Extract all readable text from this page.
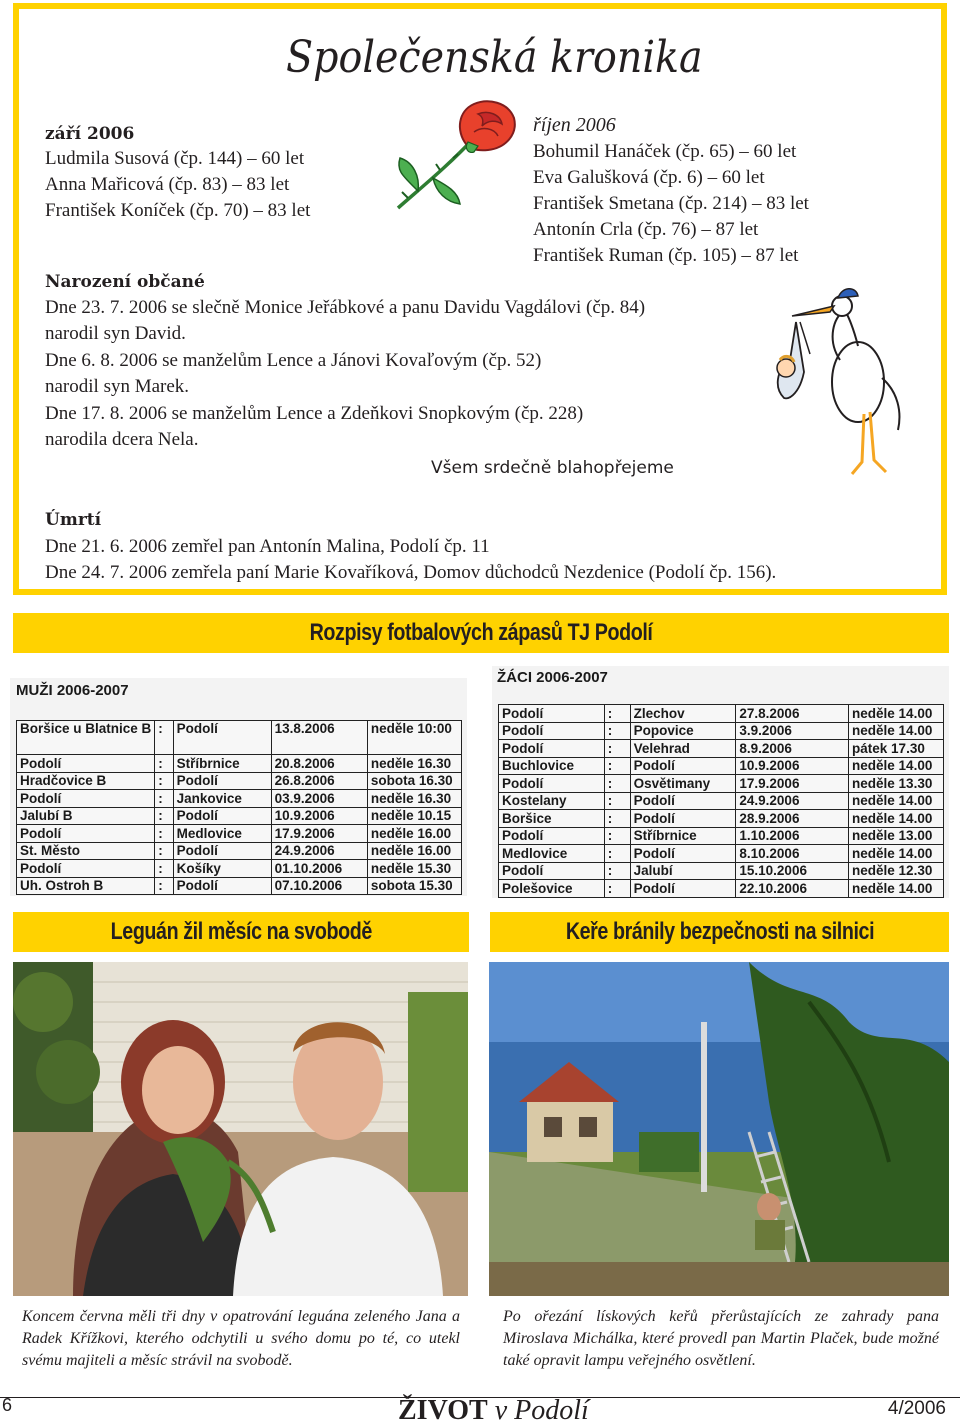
Společenská kronika
září 2006
Ludmila Susová (čp. 144) – 60 let
Anna Mařicová (čp. 83) – 83 let
František Koníček (čp. 70) – 83 let
říjen 2006
Bohumil Hanáček (čp. 65) – 60 let
Eva Galušková (čp. 6) – 60 let
František Smetana (čp. 214) – 83 let
Antonín Crla (čp. 76) – 87 let
František Ruman (čp. 105) – 87 let
Narození občané
Dne 23. 7. 2006 se slečně Monice Jeřábkové a panu Davidu Vagdálovi (čp. 84)
narodil syn David.
Dne 6. 8. 2006 se manželům Lence a Jánovi Kovaľovým (čp. 52)
narodil syn Marek.
Dne 17. 8. 2006 se manželům Lence a Zdeňkovi Snopkovým (čp. 228)
narodila dcera Nela.
Všem srdečně blahopřejeme
Úmrtí
Dne 21. 6. 2006 zemřel pan Antonín Malina, Podolí čp. 11
Dne 24. 7. 2006 zemřela paní Marie Kovaříková, Domov důchodců Nezdenice (Podolí čp. 156).
Rozpisy fotbalových zápasů TJ Podolí
MUŽI 2006-2007
Boršice u Blatnice B	:	Podolí	13.8.2006	neděle 10:00
Podolí	:	Stříbrnice	20.8.2006	neděle 16.30
Hradčovice B	:	Podolí	26.8.2006	sobota 16.30
Podolí	:	Jankovice	03.9.2006	neděle 16.30
Jalubí B	:	Podolí	10.9.2006	neděle 10.15
Podolí	:	Medlovice	17.9.2006	neděle 16.00
St. Město	:	Podolí	24.9.2006	neděle 16.00
Podolí	:	Košíky	01.10.2006	neděle 15.30
Uh. Ostroh B	:	Podolí	07.10.2006	sobota 15.30
ŽÁCI 2006-2007
Podolí	:	Zlechov	27.8.2006	neděle 14.00
Podolí	:	Popovice	3.9.2006	neděle 14.00
Podolí	:	Velehrad	8.9.2006	pátek 17.30
Buchlovice	:	Podolí	10.9.2006	neděle 14.00
Podolí	:	Osvětimany	17.9.2006	neděle 13.30
Kostelany	:	Podolí	24.9.2006	neděle 14.00
Boršice	:	Podolí	28.9.2006	neděle 14.00
Podolí	:	Stříbrnice	1.10.2006	neděle 13.00
Medlovice	:	Podolí	8.10.2006	neděle 14.00
Podolí	:	Jalubí	15.10.2006	neděle 12.30
Polešovice	:	Podolí	22.10.2006	neděle 14.00
Leguán žil měsíc na svobodě	Keře bránily bezpečnosti na silnici
Koncem června měli tři dny v opatrování leguána zeleného Jana a Radek Křížkovi, kterého odchytili u svého domu po té, co utekl svému majiteli a měsíc strávil na svobodě.
Po ořezání lískových keřů přerůstajících ze zahrady pana Miroslava Michálka, které provedl pan Martin Plaček, bude možné také opravit lampu veřejného osvětlení.
6	ŽIVOT v Podolí	4/2006
